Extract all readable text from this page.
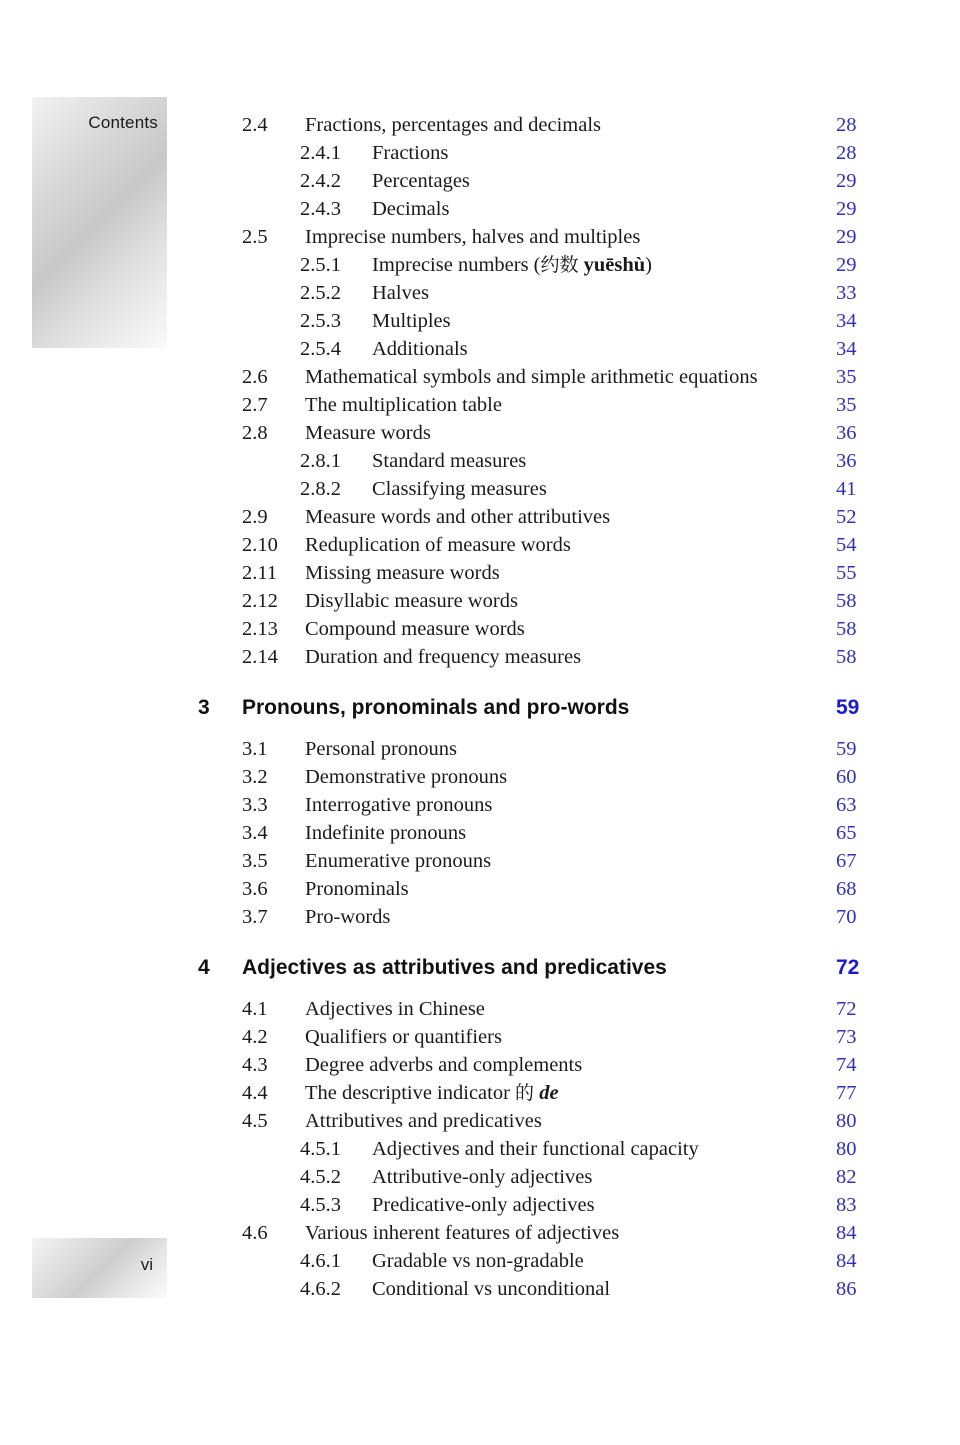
Contents	2.4 Fractions, percentages and decimals	28
2.4.1 Fractions	28
2.4.2 Percentages	29
2.4.3 Decimals	29
2.5 Imprecise numbers, halves and multiples	29
2.5.1 Imprecise numbers (约数 yuēshù)	29
2.5.2 Halves	33
2.5.3 Multiples	34
2.5.4 Additionals	34
2.6 Mathematical symbols and simple arithmetic equations	35
2.7 The multiplication table	35
2.8 Measure words	36
2.8.1 Standard measures	36
2.8.2 Classifying measures	41
2.9 Measure words and other attributives	52
2.10 Reduplication of measure words	54
2.11 Missing measure words	55
2.12 Disyllabic measure words	58
2.13 Compound measure words	58
2.14 Duration and frequency measures	58
3 Pronouns, pronominals and pro-words	59
3.1 Personal pronouns	59
3.2 Demonstrative pronouns	60
3.3 Interrogative pronouns	63
3.4 Indefinite pronouns	65
3.5 Enumerative pronouns	67
3.6 Pronominals	68
3.7 Pro-words	70
4 Adjectives as attributives and predicatives	72
4.1 Adjectives in Chinese	72
4.2 Qualifiers or quantifiers	73
4.3 Degree adverbs and complements	74
4.4 The descriptive indicator 的 de	77
4.5 Attributives and predicatives	80
4.5.1 Adjectives and their functional capacity	80
4.5.2 Attributive-only adjectives	82
4.5.3 Predicative-only adjectives	83
4.6 Various inherent features of adjectives	84
4.6.1 Gradable vs non-gradable	84
4.6.2 Conditional vs unconditional	86
vi
